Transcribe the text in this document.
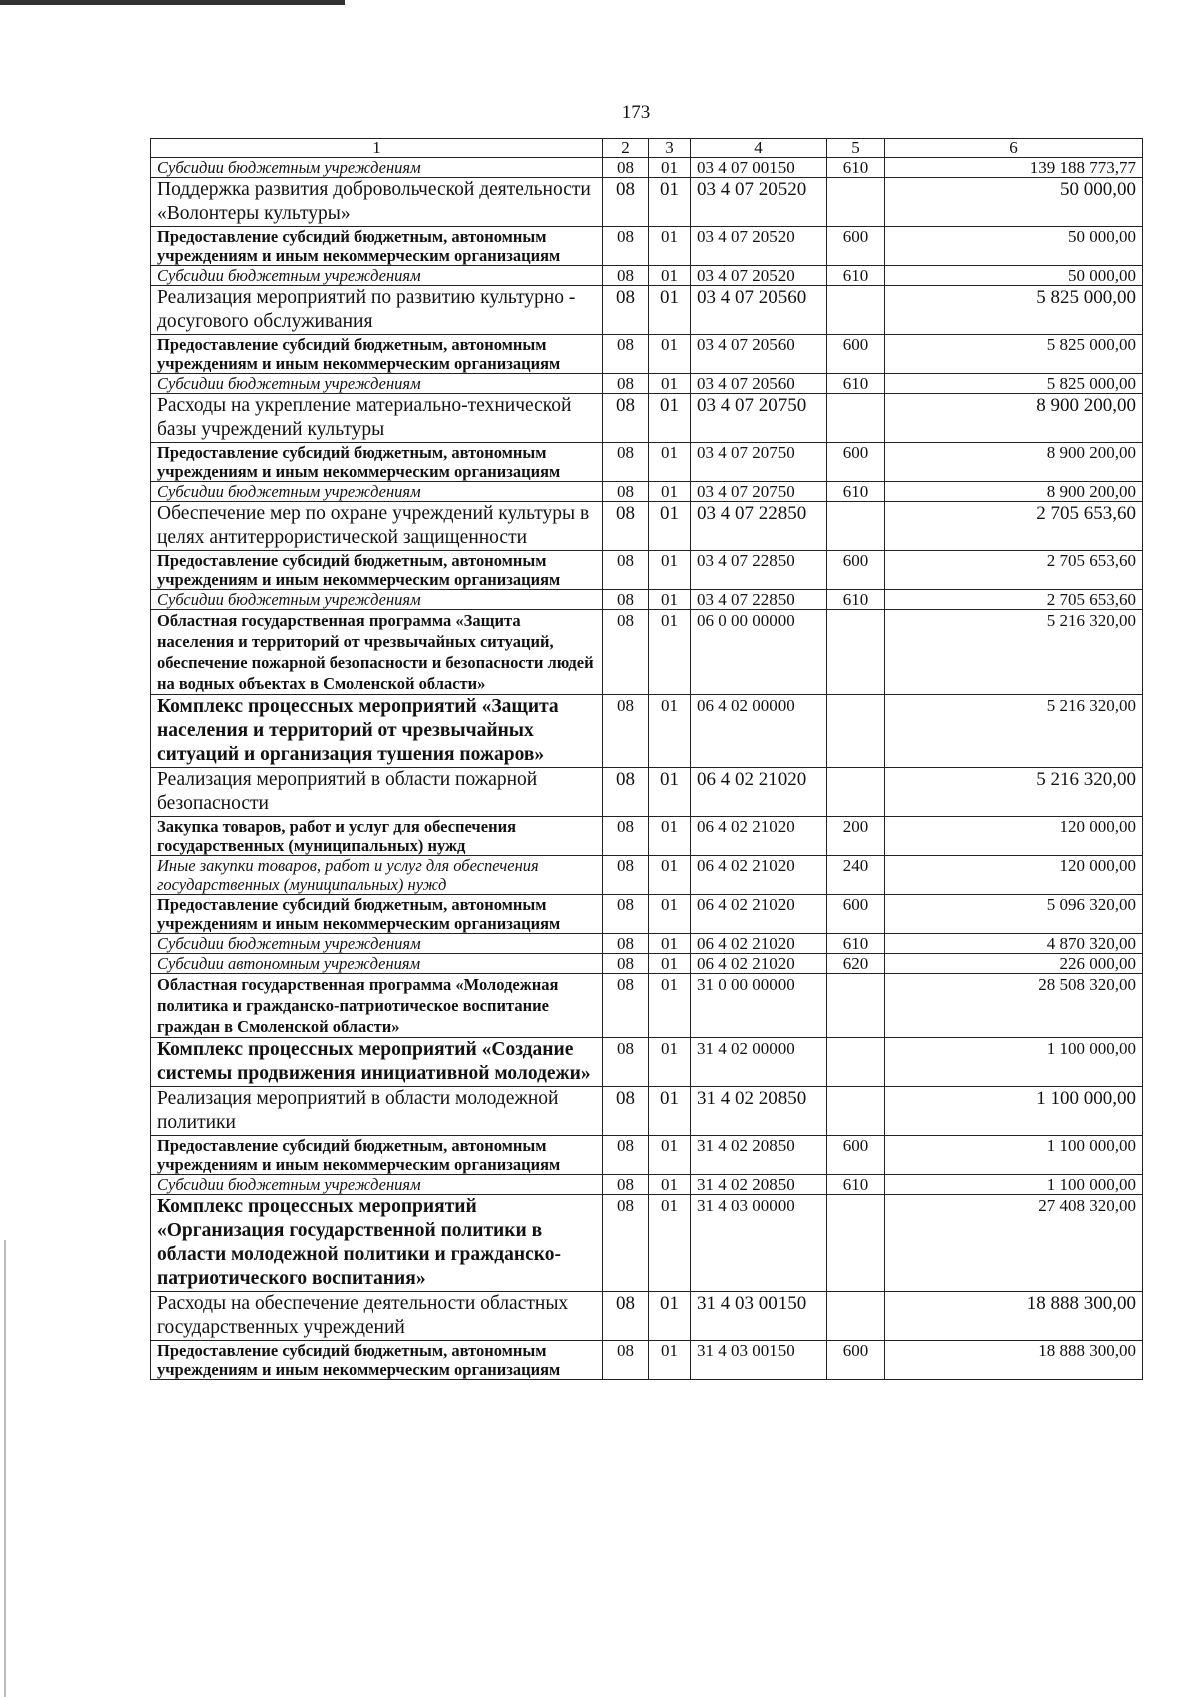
173
1	2	3	4	5	6
Субсидии бюджетным учреждениям	08	01	03 4 07 00150	610	139 188 773,77
Поддержка развития добровольческой деятельности «Волонтеры культуры»	08	01	03 4 07 20520		50 000,00
Предоставление субсидий бюджетным, автономным учреждениям и иным некоммерческим организациям	08	01	03 4 07 20520	600	50 000,00
Субсидии бюджетным учреждениям	08	01	03 4 07 20520	610	50 000,00
Реализация мероприятий по развитию культурно - досугового обслуживания	08	01	03 4 07 20560		5 825 000,00
Предоставление субсидий бюджетным, автономным учреждениям и иным некоммерческим организациям	08	01	03 4 07 20560	600	5 825 000,00
Субсидии бюджетным учреждениям	08	01	03 4 07 20560	610	5 825 000,00
Расходы на укрепление материально-технической базы учреждений культуры	08	01	03 4 07 20750		8 900 200,00
Предоставление субсидий бюджетным, автономным учреждениям и иным некоммерческим организациям	08	01	03 4 07 20750	600	8 900 200,00
Субсидии бюджетным учреждениям	08	01	03 4 07 20750	610	8 900 200,00
Обеспечение мер по охране учреждений культуры в целях антитеррористической защищенности	08	01	03 4 07 22850		2 705 653,60
Предоставление субсидий бюджетным, автономным учреждениям и иным некоммерческим организациям	08	01	03 4 07 22850	600	2 705 653,60
Субсидии бюджетным учреждениям	08	01	03 4 07 22850	610	2 705 653,60
Областная государственная программа «Защита населения и территорий от чрезвычайных ситуаций, обеспечение пожарной безопасности и безопасности людей на водных объектах в Смоленской области»	08	01	06 0 00 00000		5 216 320,00
Комплекс процессных мероприятий «Защита населения и территорий от чрезвычайных ситуаций и организация тушения пожаров»	08	01	06 4 02 00000		5 216 320,00
Реализация мероприятий в области пожарной безопасности	08	01	06 4 02 21020		5 216 320,00
Закупка товаров, работ и услуг для обеспечения государственных (муниципальных) нужд	08	01	06 4 02 21020	200	120 000,00
Иные закупки товаров, работ и услуг для обеспечения государственных (муниципальных) нужд	08	01	06 4 02 21020	240	120 000,00
Предоставление субсидий бюджетным, автономным учреждениям и иным некоммерческим организациям	08	01	06 4 02 21020	600	5 096 320,00
Субсидии бюджетным учреждениям	08	01	06 4 02 21020	610	4 870 320,00
Субсидии автономным учреждениям	08	01	06 4 02 21020	620	226 000,00
Областная государственная программа «Молодежная политика и гражданско-патриотическое воспитание граждан в Смоленской области»	08	01	31 0 00 00000		28 508 320,00
Комплекс процессных мероприятий «Создание системы продвижения инициативной молодежи»	08	01	31 4 02 00000		1 100 000,00
Реализация мероприятий в области молодежной политики	08	01	31 4 02 20850		1 100 000,00
Предоставление субсидий бюджетным, автономным учреждениям и иным некоммерческим организациям	08	01	31 4 02 20850	600	1 100 000,00
Субсидии бюджетным учреждениям	08	01	31 4 02 20850	610	1 100 000,00
Комплекс процессных мероприятий «Организация государственной политики в области молодежной политики и гражданско-патриотического воспитания»	08	01	31 4 03 00000		27 408 320,00
Расходы на обеспечение деятельности областных государственных учреждений	08	01	31 4 03 00150		18 888 300,00
Предоставление субсидий бюджетным, автономным учреждениям и иным некоммерческим организациям	08	01	31 4 03 00150	600	18 888 300,00
